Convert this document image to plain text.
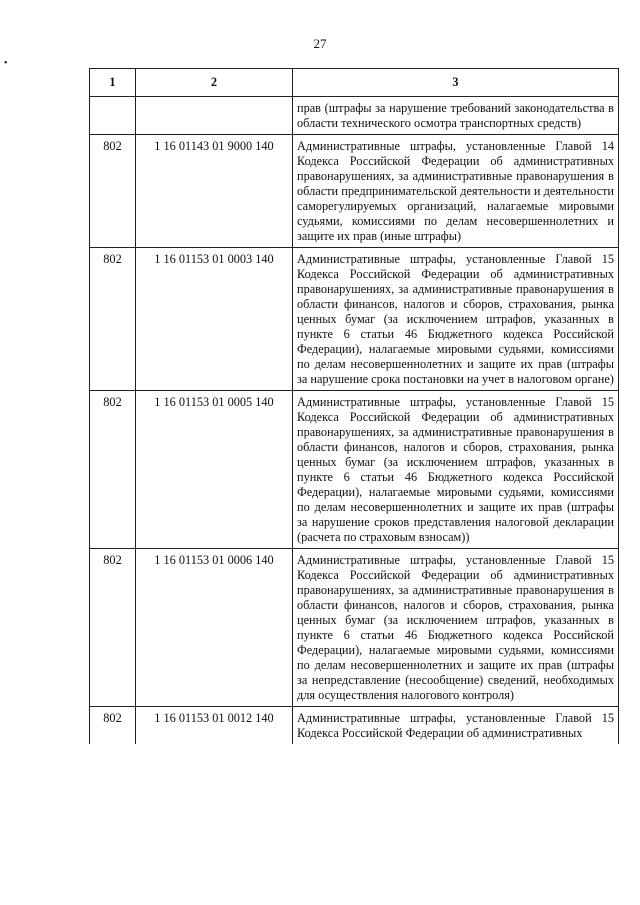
27
•
1	2	3
		прав (штрафы за нарушение требований законодательства в области технического осмотра транспортных средств)
802	1 16 01143 01 9000 140	Административные штрафы, установленные Главой 14 Кодекса Российской Федерации об административных правонарушениях, за административные правонарушения в области предпринимательской деятельности и деятельности саморегулируемых организаций, налагаемые мировыми судьями, комиссиями по делам несовершеннолетних и защите их прав (иные штрафы)
802	1 16 01153 01 0003 140	Административные штрафы, установленные Главой 15 Кодекса Российской Федерации об административных правонарушениях, за административные правонарушения в области финансов, налогов и сборов, страхования, рынка ценных бумаг (за исключением штрафов, указанных в пункте 6 статьи 46 Бюджетного кодекса Российской Федерации), налагаемые мировыми судьями, комиссиями по делам несовершеннолетних и защите их прав (штрафы за нарушение срока постановки на учет в налоговом органе)
802	1 16 01153 01 0005 140	Административные штрафы, установленные Главой 15 Кодекса Российской Федерации об административных правонарушениях, за административные правонарушения в области финансов, налогов и сборов, страхования, рынка ценных бумаг (за исключением штрафов, указанных в пункте 6 статьи 46 Бюджетного кодекса Российской Федерации), налагаемые мировыми судьями, комиссиями по делам несовершеннолетних и защите их прав (штрафы за нарушение сроков представления налоговой декларации (расчета по страховым взносам))
802	1 16 01153 01 0006 140	Административные штрафы, установленные Главой 15 Кодекса Российской Федерации об административных правонарушениях, за административные правонарушения в области финансов, налогов и сборов, страхования, рынка ценных бумаг (за исключением штрафов, указанных в пункте 6 статьи 46 Бюджетного кодекса Российской Федерации), налагаемые мировыми судьями, комиссиями по делам несовершеннолетних и защите их прав (штрафы за непредставление (несообщение) сведений, необходимых для осуществления налогового контроля)
802	1 16 01153 01 0012 140	Административные штрафы, установленные Главой 15 Кодекса Российской Федерации об административных
